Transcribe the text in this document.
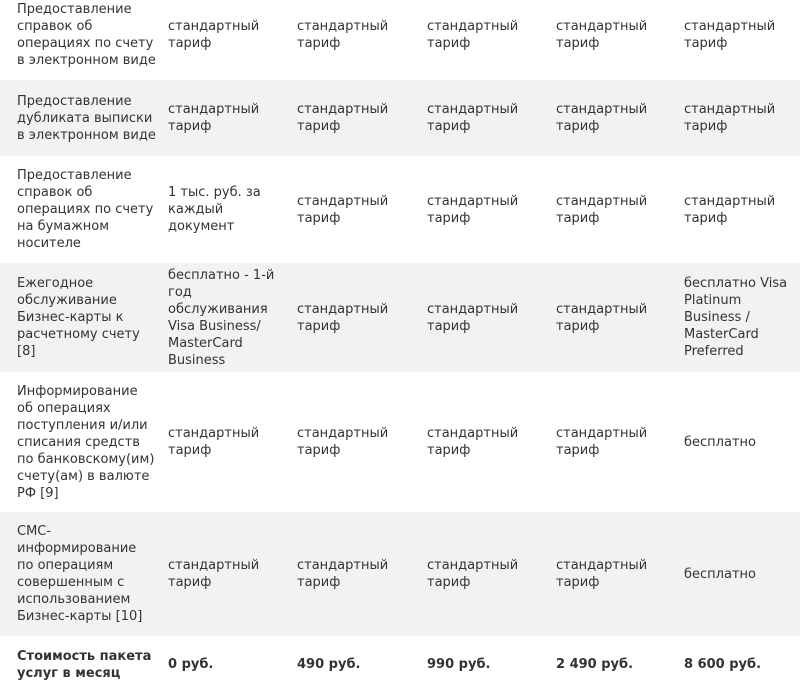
Предоставление справок об операциях по счету в электронном виде	стандартный тариф	стандартный тариф	стандартный тариф	стандартный тариф	стандартный тариф
Предоставление дубликата выписки в электронном виде	стандартный тариф	стандартный тариф	стандартный тариф	стандартный тариф	стандартный тариф
Предоставление справок об операциях по счету на бумажном носителе	1 тыс. руб. за каждый документ	стандартный тариф	стандартный тариф	стандартный тариф	стандартный тариф
Ежегодное обслуживание Бизнес-карты к расчетному счету [8]	бесплатно - 1-й год обслуживания Visa Business/ MasterCard Business	стандартный тариф	стандартный тариф	стандартный тариф	бесплатно Visa Platinum Business / MasterCard Preferred
Информирование об операциях поступления и/или списания средств по банковскому(им) счету(ам) в валюте РФ [9]	стандартный тариф	стандартный тариф	стандартный тариф	стандартный тариф	бесплатно
СМС-информирование по операциям совершенным с использованием Бизнес-карты [10]	стандартный тариф	стандартный тариф	стандартный тариф	стандартный тариф	бесплатно
Стоимость пакета услуг в месяц	0 руб.	490 руб.	990 руб.	2 490 руб.	8 600 руб.
